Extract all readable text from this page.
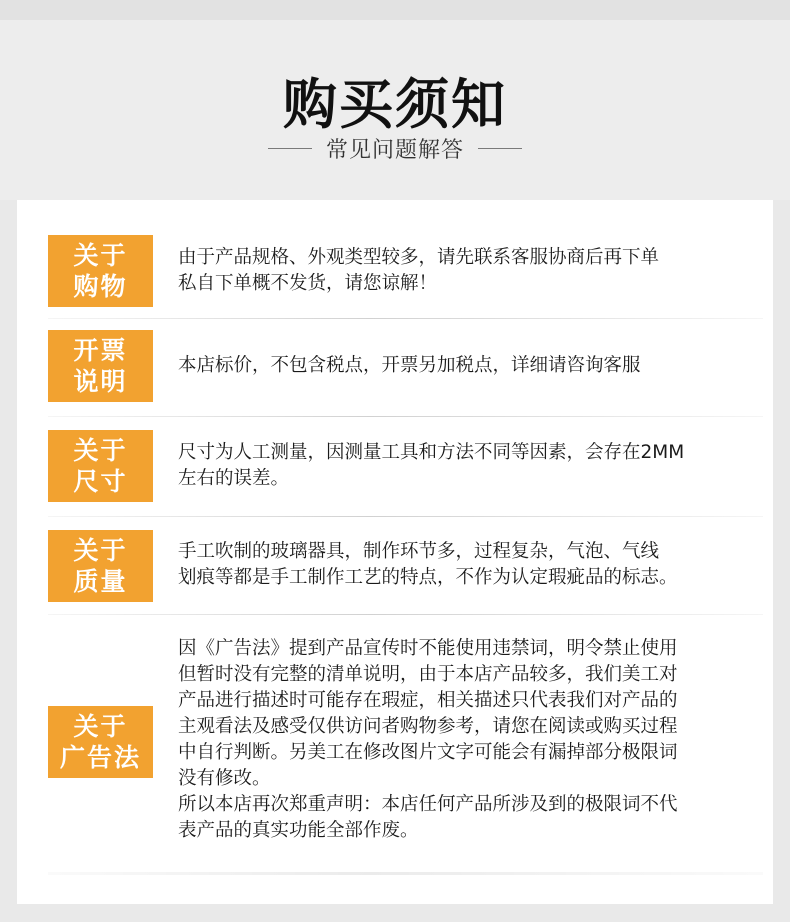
购买须知
常见问题解答
关于
购物
由于产品规格、外观类型较多，请先联系客服协商后再下单
私自下单概不发货，请您谅解！
开票
说明
本店标价，不包含税点，开票另加税点，详细请咨询客服
关于
尺寸
尺寸为人工测量，因测量工具和方法不同等因素，会存在2MM
左右的误差。
关于
质量
手工吹制的玻璃器具，制作环节多，过程复杂，气泡、气线
划痕等都是手工制作工艺的特点，不作为认定瑕疵品的标志。
关于
广告法
因《广告法》提到产品宣传时不能使用违禁词，明令禁止使用
但暂时没有完整的清单说明，由于本店产品较多，我们美工对
产品进行描述时可能存在瑕症，相关描述只代表我们对产品的
主观看法及感受仅供访问者购物参考，请您在阅读或购买过程
中自行判断。另美工在修改图片文字可能会有漏掉部分极限词
没有修改。
所以本店再次郑重声明：本店任何产品所涉及到的极限词不代
表产品的真实功能全部作废。
